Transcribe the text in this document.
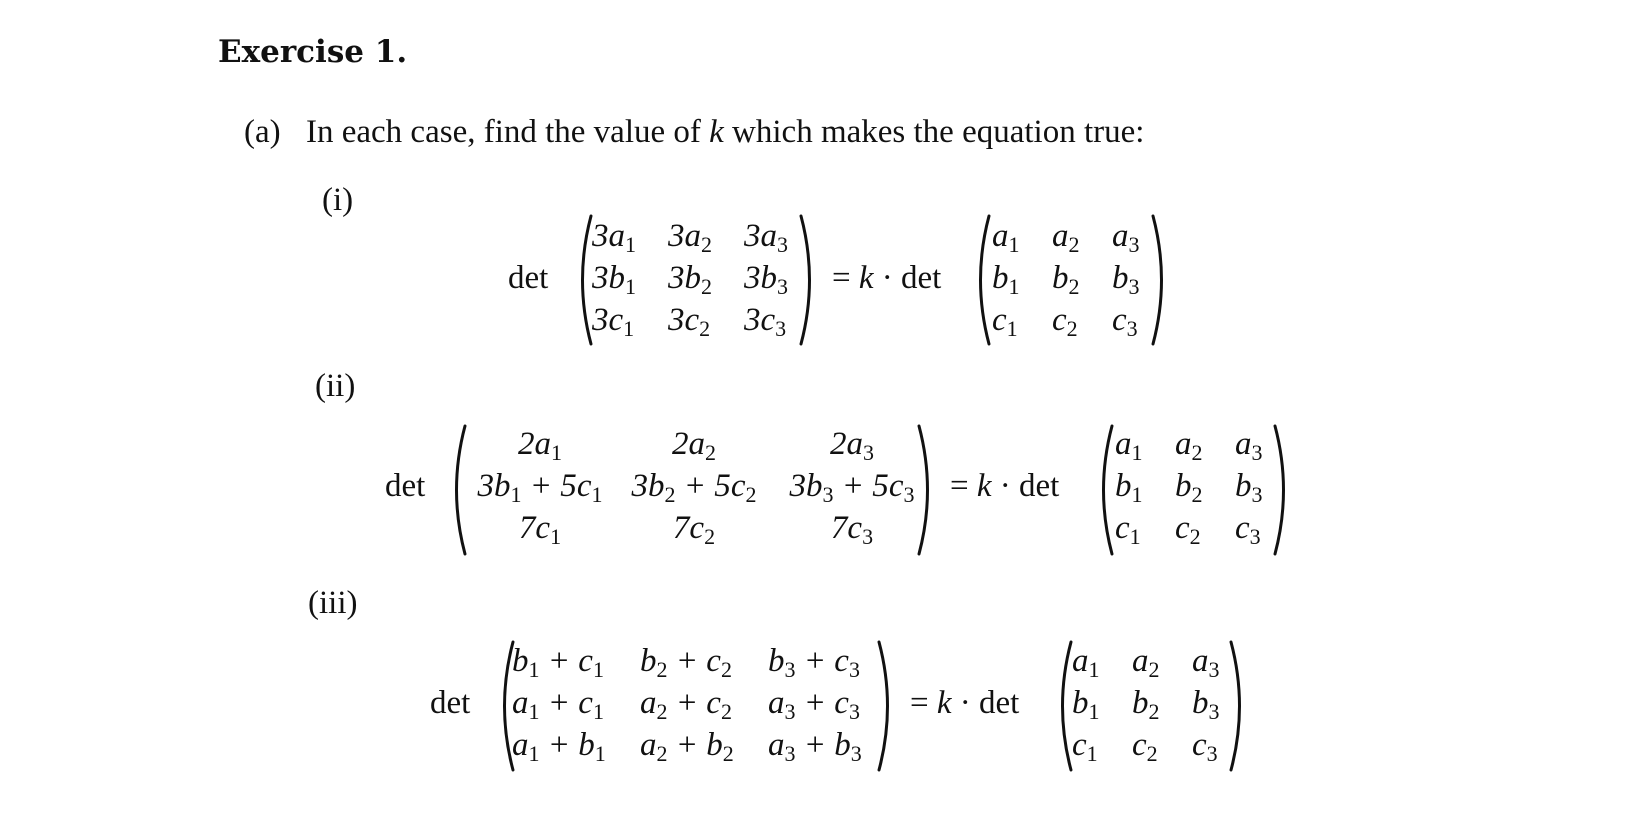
Exercise 1.
(a) In each case, find the value of k which makes the equation true:
(i)
det
$3a_1$ $3a_2$ $3a_3$
$3b_1$ $3b_2$ $3b_3$
$3c_1$ $3c_2$ $3c_3$
= k · det
$a_1$ $a_2$ $a_3$
$b_1$ $b_2$ $b_3$
$c_1$ $c_2$ $c_3$
(ii)
det
$2a_1$	$2a_2$	$2a_3$
$3b_1 + 5c_1$ $3b_2 + 5c_2$ $3b_3 + 5c_3$
$7c_1$	$7c_2$	$7c_3$
= k · det
$a_1$ $a_2$ $a_3$
$b_1$ $b_2$ $b_3$
$c_1$ $c_2$ $c_3$
(iii)
det
$b_1 + c_1$ $b_2 + c_2$ $b_3 + c_3$
$a_1 + c_1$ $a_2 + c_2$ $a_3 + c_3$
$a_1 + b_1$ $a_2 + b_2$ $a_3 + b_3$
= k · det
$a_1$ $a_2$ $a_3$
$b_1$ $b_2$ $b_3$
$c_1$ $c_2$ $c_3$
